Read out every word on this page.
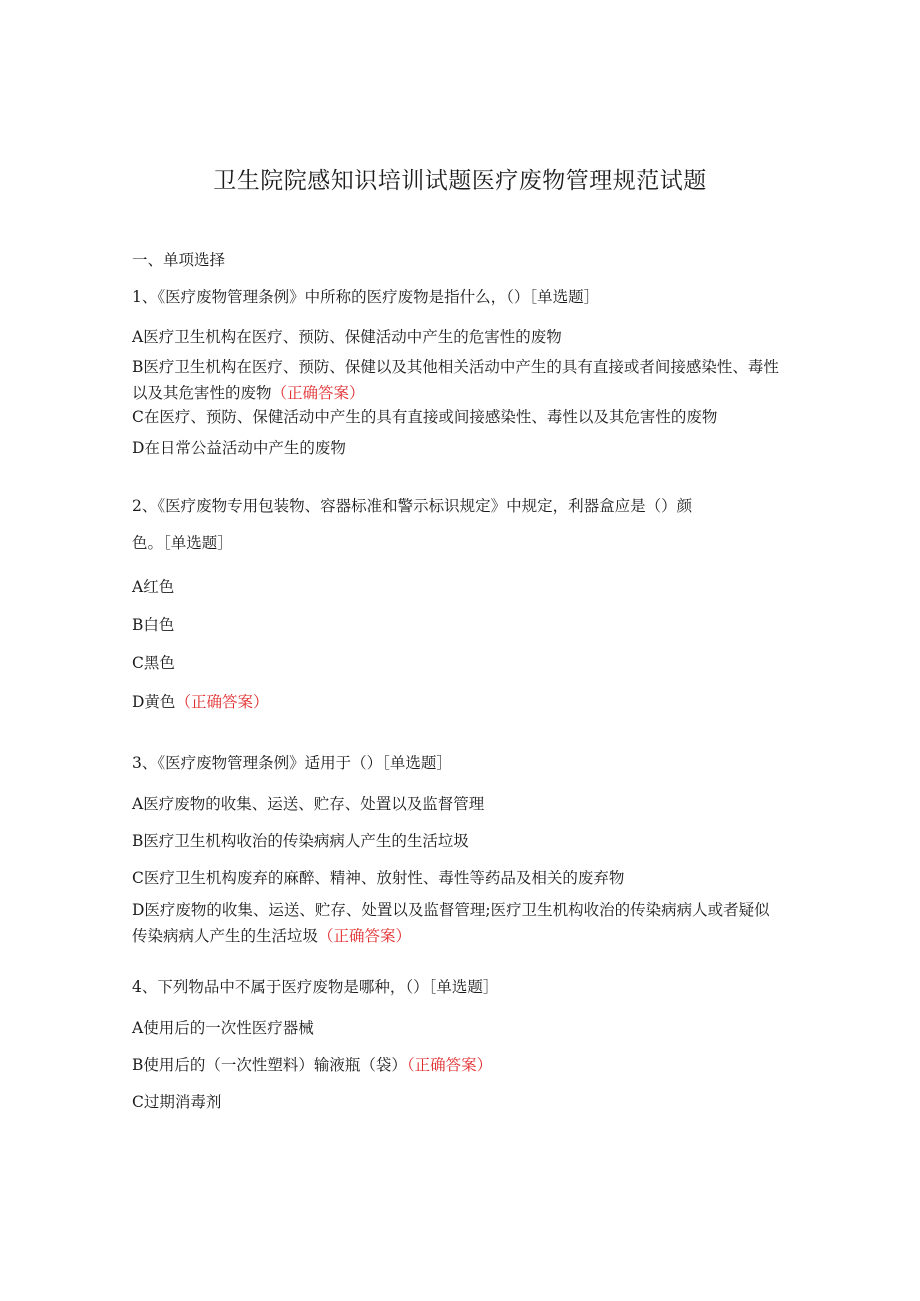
卫生院院感知识培训试题医疗废物管理规范试题
一、单项选择
1、《医疗废物管理条例》中所称的医疗废物是指什么，（）［单选题］
A医疗卫生机构在医疗、预防、保健活动中产生的危害性的废物
B医疗卫生机构在医疗、预防、保健以及其他相关活动中产生的具有直接或者间接感染性、毒性以及其危害性的废物（正确答案）
C在医疗、预防、保健活动中产生的具有直接或间接感染性、毒性以及其危害性的废物
D在日常公益活动中产生的废物
2、《医疗废物专用包装物、容器标准和警示标识规定》中规定，利器盒应是（）颜
色。［单选题］
A红色
B白色
C黑色
D黄色（正确答案）
3、《医疗废物管理条例》适用于（）［单选题］
A医疗废物的收集、运送、贮存、处置以及监督管理
B医疗卫生机构收治的传染病病人产生的生活垃圾
C医疗卫生机构废弃的麻醉、精神、放射性、毒性等药品及相关的废弃物
D医疗废物的收集、运送、贮存、处置以及监督管理;医疗卫生机构收治的传染病病人或者疑似传染病病人产生的生活垃圾（正确答案）
4、下列物品中不属于医疗废物是哪种，（）［单选题］
A使用后的一次性医疗器械
B使用后的（一次性塑料）输液瓶（袋）（正确答案）
C过期消毒剂
